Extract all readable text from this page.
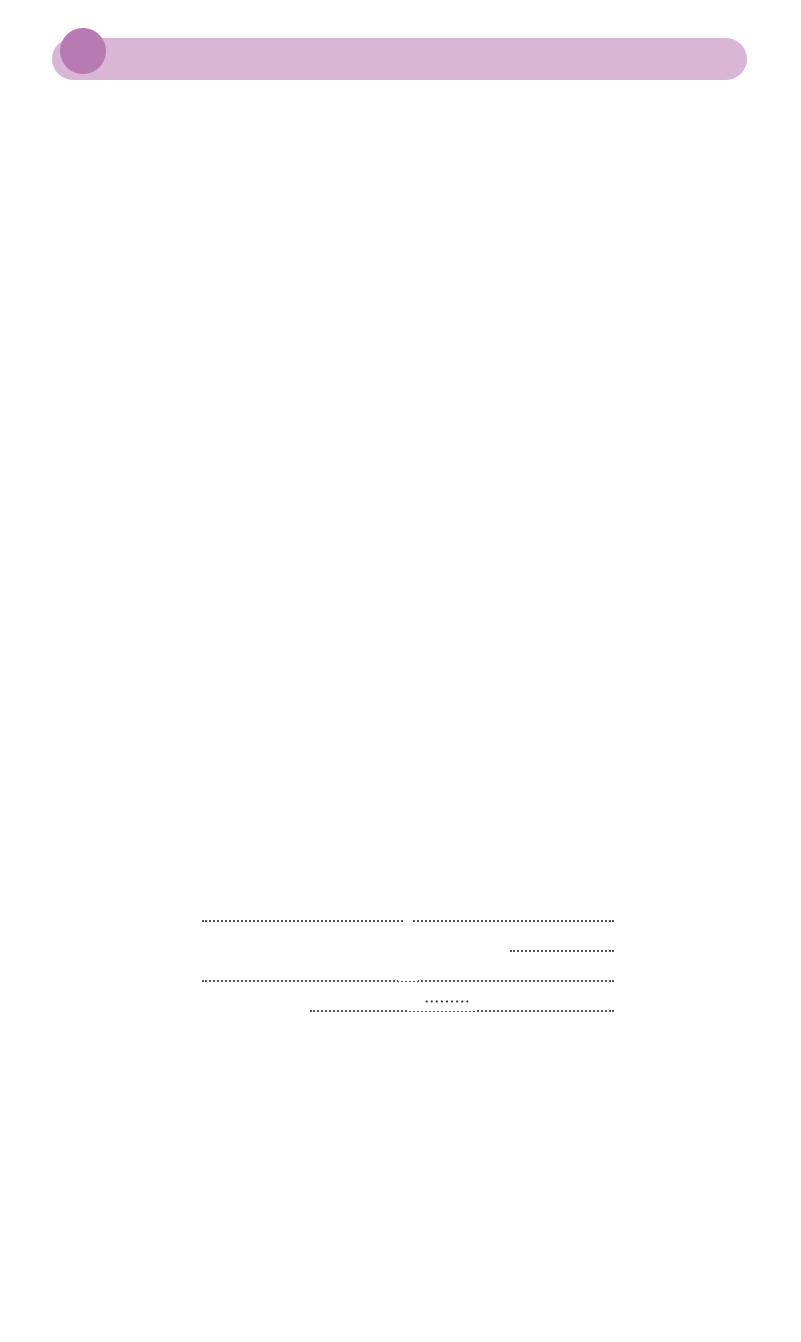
·········
